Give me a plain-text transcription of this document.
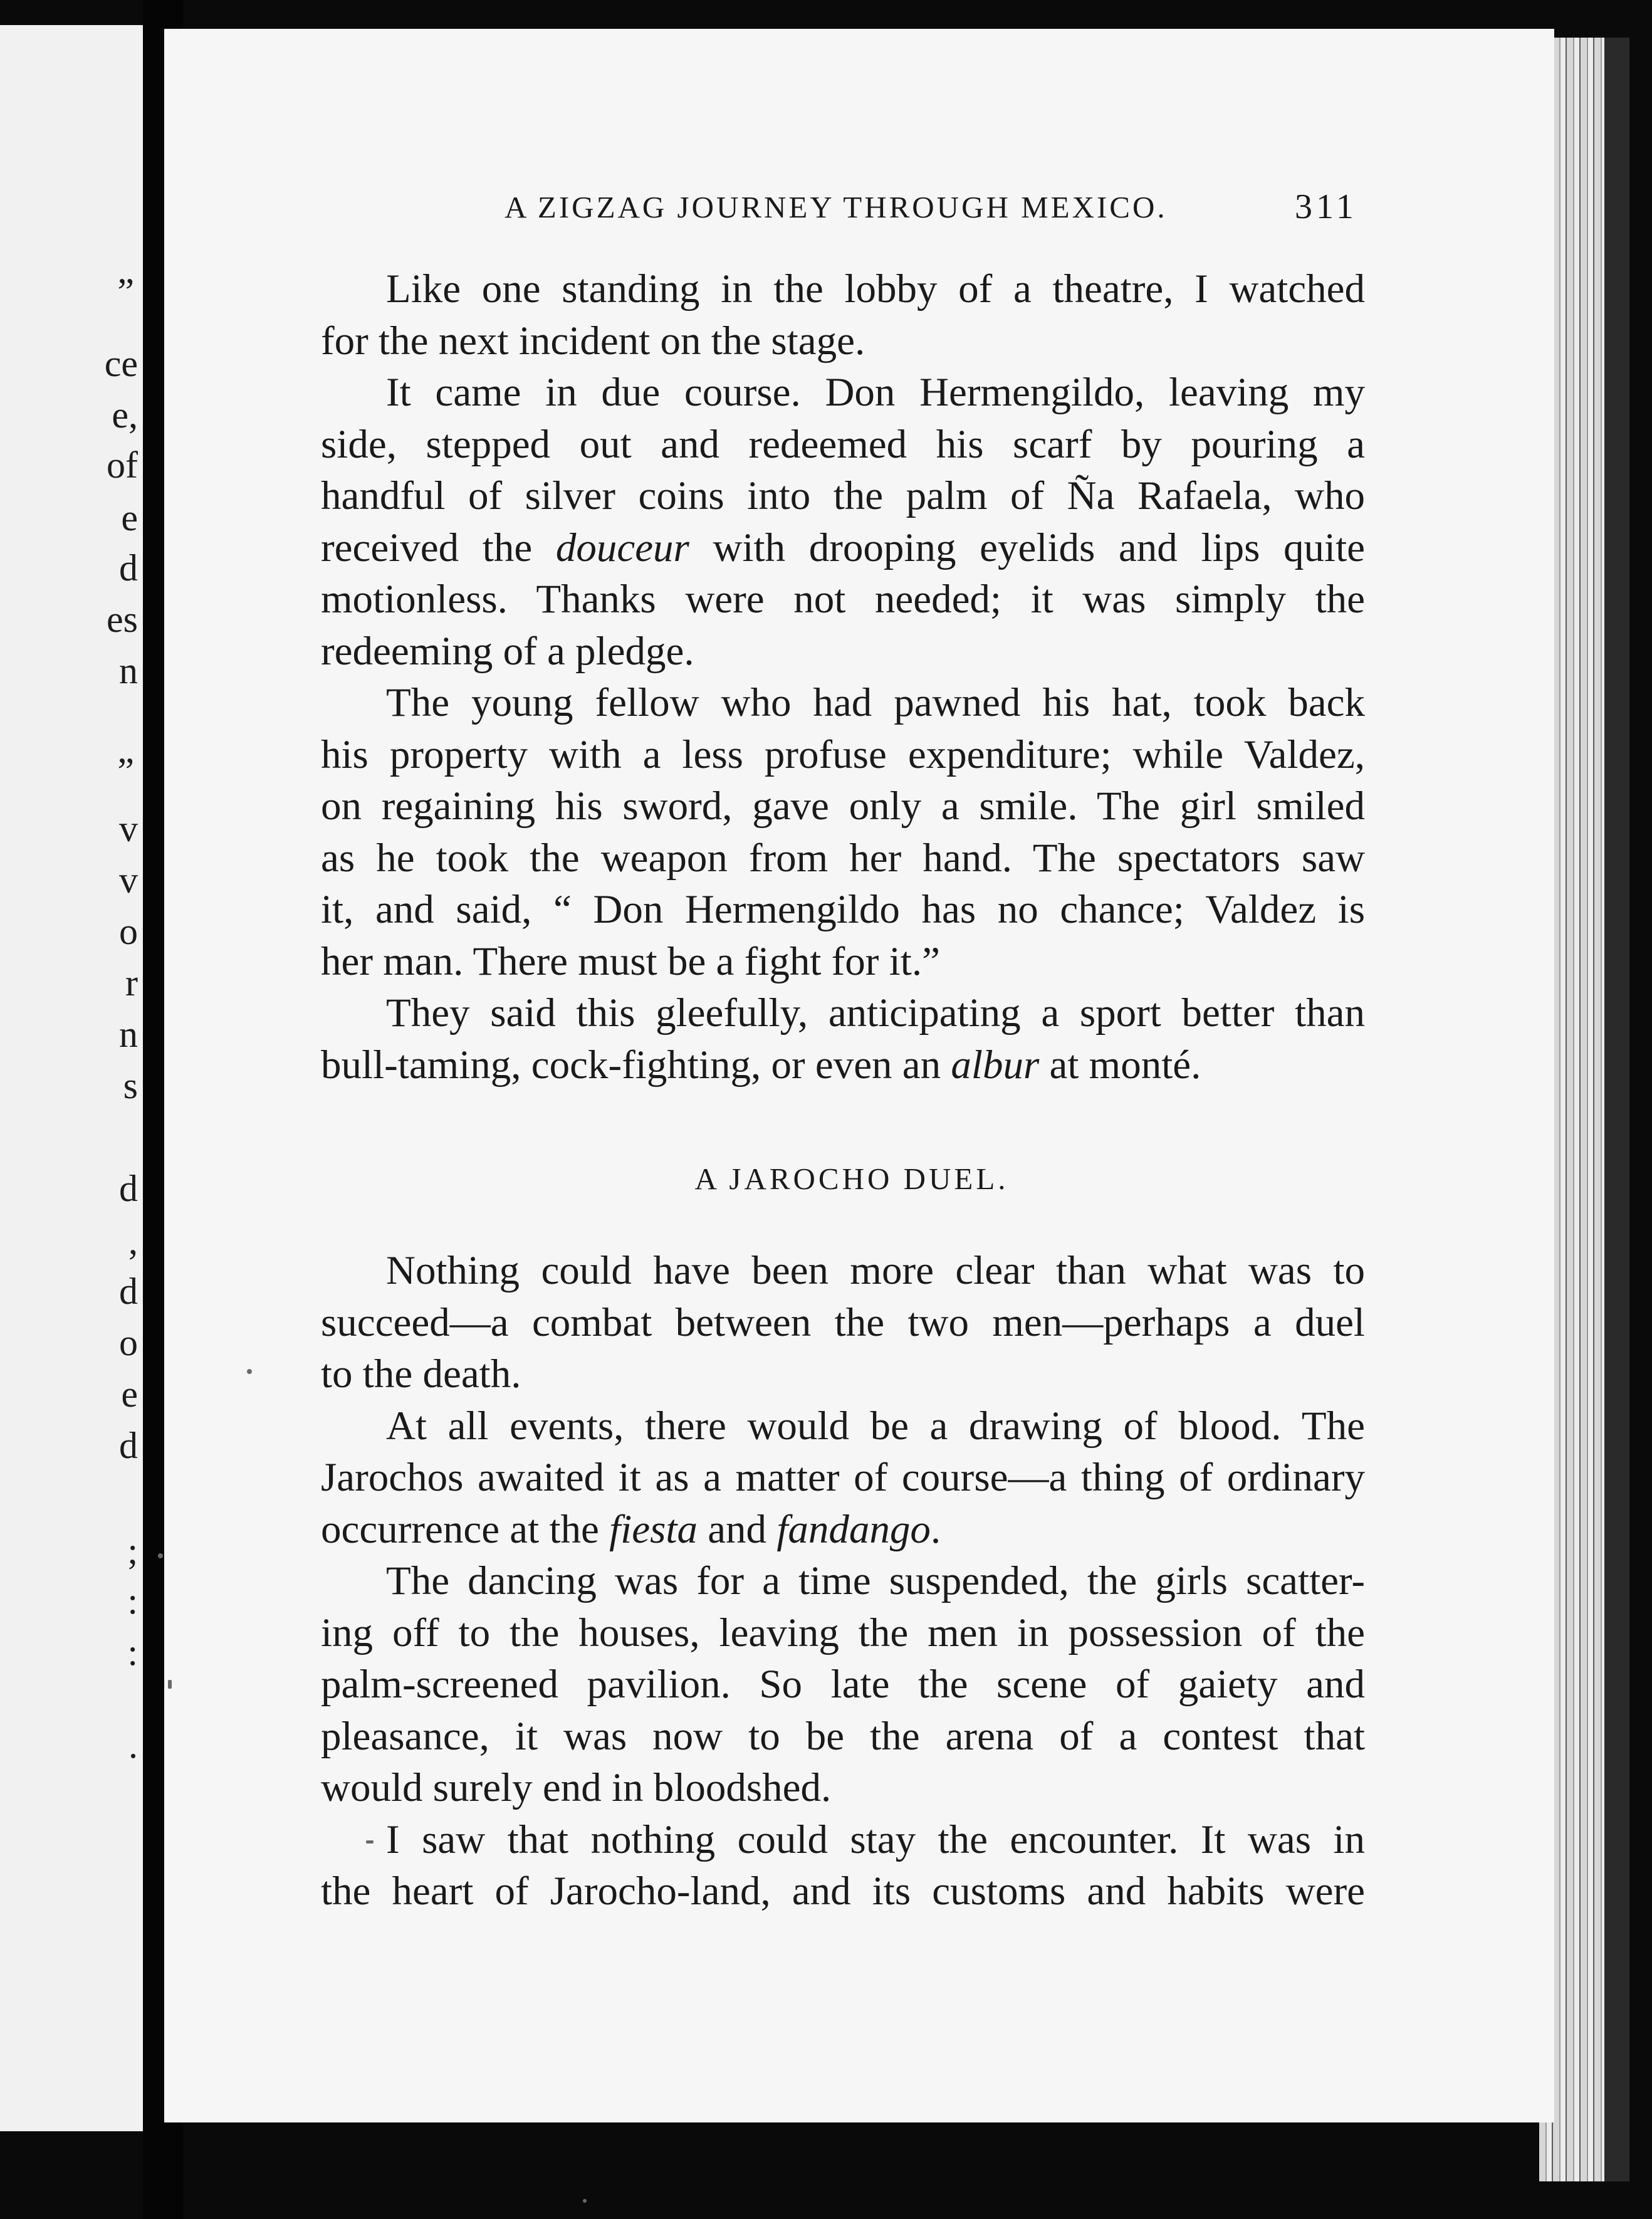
”
ce
e,
of
e
d
es
n
”
v
v
o
r
n
s
d
,
d
o
e
d
;
:
:
.
A ZIGZAG JOURNEY THROUGH MEXICO.	311
Like one standing in the lobby of a theatre, I watched
for the next incident on the stage.
It came in due course. Don Hermengildo, leaving my
side, stepped out and redeemed his scarf by pouring a
handful of silver coins into the palm of Ña Rafaela, who
received the douceur with drooping eyelids and lips quite
motionless. Thanks were not needed; it was simply the
redeeming of a pledge.
The young fellow who had pawned his hat, took back
his property with a less profuse expenditure; while Valdez,
on regaining his sword, gave only a smile. The girl smiled
as he took the weapon from her hand. The spectators saw
it, and said, “ Don Hermengildo has no chance; Valdez is
her man. There must be a fight for it.”
They said this gleefully, anticipating a sport better than
bull-taming, cock-fighting, or even an albur at monté.
A JAROCHO DUEL.
Nothing could have been more clear than what was to
succeed—a combat between the two men—perhaps a duel
to the death.
At all events, there would be a drawing of blood. The
Jarochos awaited it as a matter of course—a thing of ordinary
occurrence at the fiesta and fandango.
The dancing was for a time suspended, the girls scatter-
ing off to the houses, leaving the men in possession of the
palm-screened pavilion. So late the scene of gaiety and
pleasance, it was now to be the arena of a contest that
would surely end in bloodshed.
I saw that nothing could stay the encounter. It was in
the heart of Jarocho-land, and its customs and habits were
